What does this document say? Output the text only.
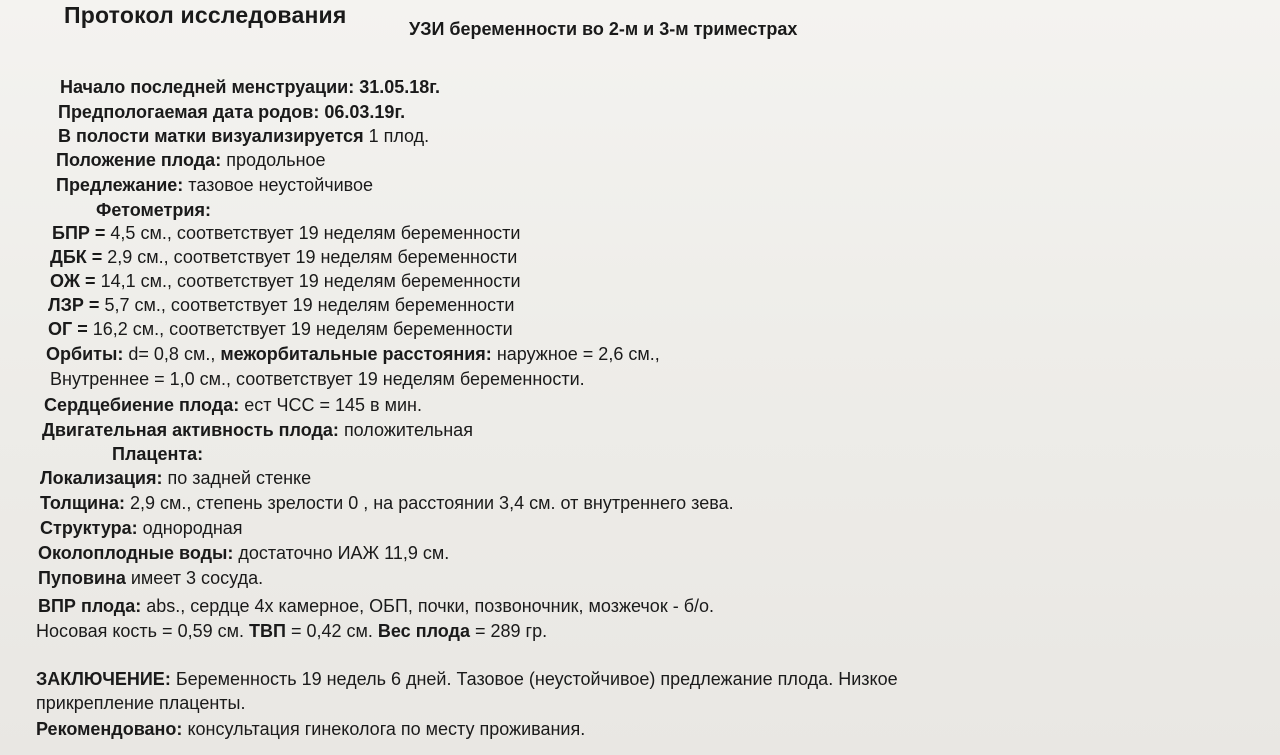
Протокол исследования
УЗИ беременности во 2-м и 3-м триместрах
Начало последней менструации: 31.05.18г.
Предпологаемая дата родов: 06.03.19г.
В полости матки визуализируется 1 плод.
Положение плода: продольное
Предлежание: тазовое неустойчивое
Фетометрия:
БПР = 4,5 см., соответствует 19 неделям беременности
ДБК = 2,9 см., соответствует 19 неделям беременности
ОЖ = 14,1 см., соответствует 19 неделям беременности
ЛЗР = 5,7 см., соответствует 19 неделям беременности
ОГ = 16,2 см., соответствует 19 неделям беременности
Орбиты: d= 0,8 см., межорбитальные расстояния: наружное = 2,6 см.,
Внутреннее = 1,0 см., соответствует 19 неделям беременности.
Сердцебиение плода: ест ЧСС = 145 в мин.
Двигательная активность плода: положительная
Плацента:
Локализация: по задней стенке
Толщина: 2,9 см., степень зрелости 0 , на расстоянии 3,4 см. от внутреннего зева.
Структура: однородная
Околоплодные воды: достаточно ИАЖ 11,9 см.
Пуповина имеет 3 сосуда.
ВПР плода: abs., сердце 4х камерное, ОБП, почки, позвоночник, мозжечок - б/о.
Носовая кость = 0,59 см. ТВП = 0,42 см. Вес плода = 289 гр.
ЗАКЛЮЧЕНИЕ: Беременность 19 недель 6 дней. Тазовое (неустойчивое) предлежание плода. Низкое
прикрепление плаценты.
Рекомендовано: консультация гинеколога по месту проживания.
